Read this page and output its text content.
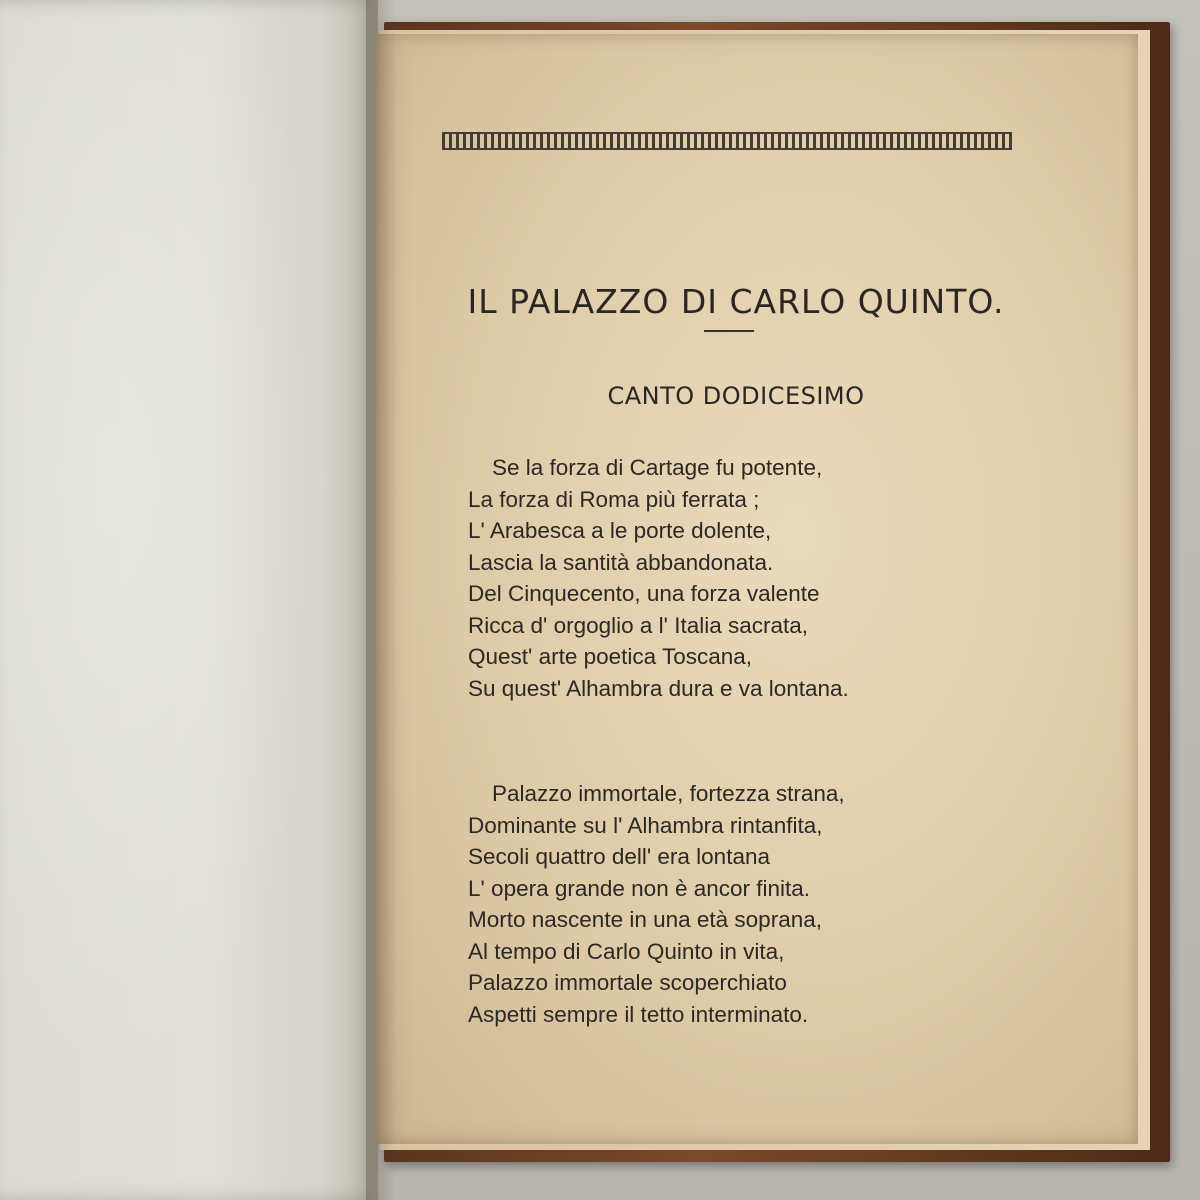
IL PALAZZO DI CARLO QUINTO.
CANTO DODICESIMO
Se la forza di Cartage fu potente,
La forza di Roma più ferrata ;
L' Arabesca a le porte dolente,
Lascia la santità abbandonata.
Del Cinquecento, una forza valente
Ricca d' orgoglio a l' Italia sacrata,
Quest' arte poetica Toscana,
Su quest' Alhambra dura e va lontana.
Palazzo immortale, fortezza strana,
Dominante su l' Alhambra rintanfita,
Secoli quattro dell' era lontana
L' opera grande non è ancor finita.
Morto nascente in una età soprana,
Al tempo di Carlo Quinto in vita,
Palazzo immortale scoperchiato
Aspetti sempre il tetto interminato.
